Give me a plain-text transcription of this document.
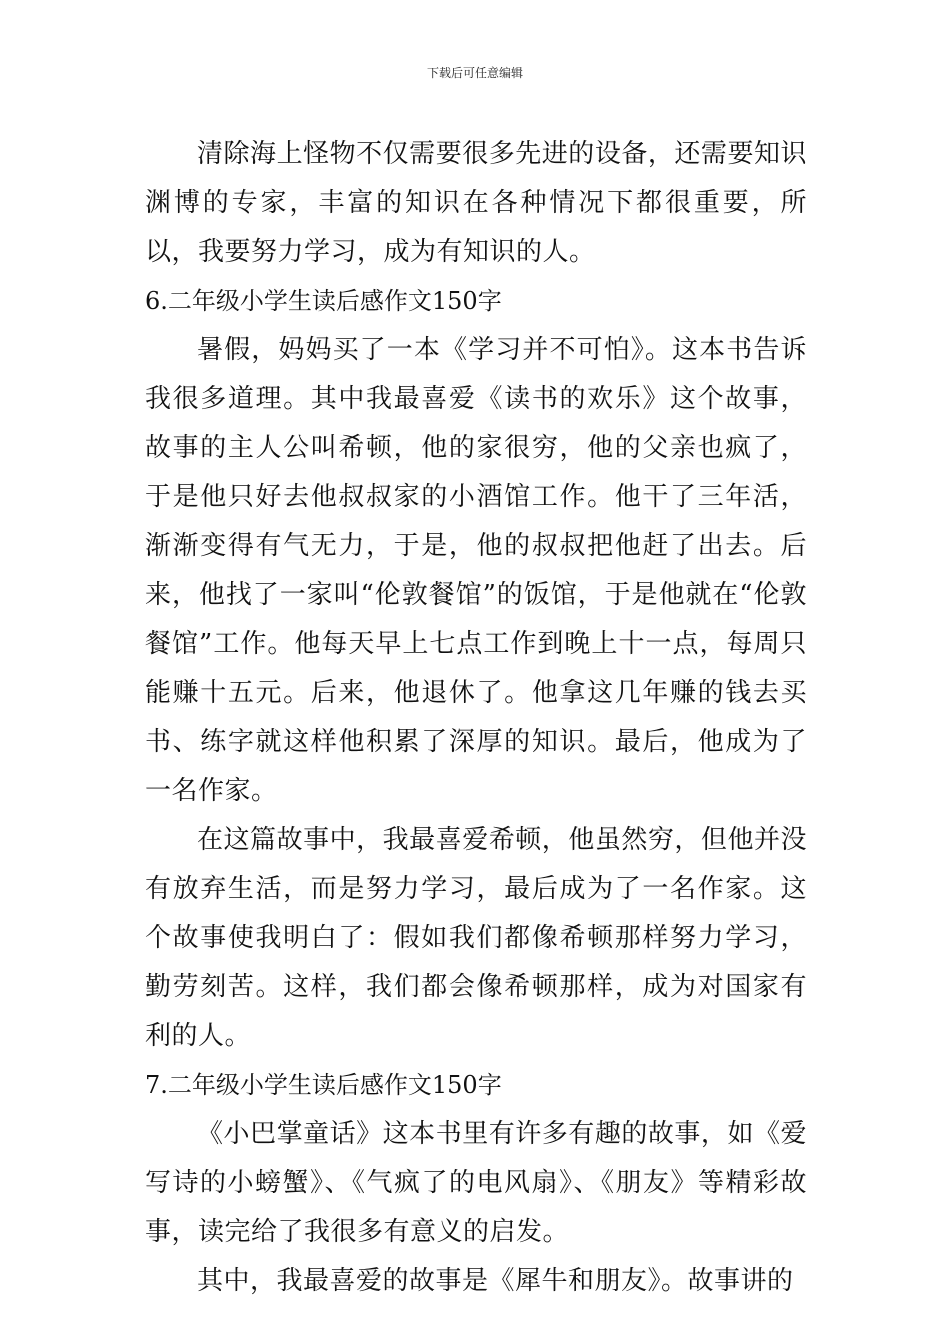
下载后可任意编辑

清除海上怪物不仅需要很多先进的设备，还需要知识渊博的专家，丰富的知识在各种情况下都很重要，所以，我要努力学习，成为有知识的人。

6.二年级小学生读后感作文150字

暑假，妈妈买了一本《学习并不可怕》。这本书告诉我很多道理。其中我最喜爱《读书的欢乐》这个故事，故事的主人公叫希顿，他的家很穷，他的父亲也疯了，于是他只好去他叔叔家的小酒馆工作。他干了三年活，渐渐变得有气无力，于是，他的叔叔把他赶了出去。后来，他找了一家叫“伦敦餐馆”的饭馆，于是他就在“伦敦餐馆”工作。他每天早上七点工作到晚上十一点，每周只能赚十五元。后来，他退休了。他拿这几年赚的钱去买书、练字就这样他积累了深厚的知识。最后，他成为了一名作家。

在这篇故事中，我最喜爱希顿，他虽然穷，但他并没有放弃生活，而是努力学习，最后成为了一名作家。这个故事使我明白了：假如我们都像希顿那样努力学习，勤劳刻苦。这样，我们都会像希顿那样，成为对国家有利的人。

7.二年级小学生读后感作文150字

《小巴掌童话》这本书里有许多有趣的故事，如《爱写诗的小螃蟹》、《气疯了的电风扇》、《朋友》等精彩故事，读完给了我很多有意义的启发。

其中，我最喜爱的故事是《犀牛和朋友》。故事讲的
